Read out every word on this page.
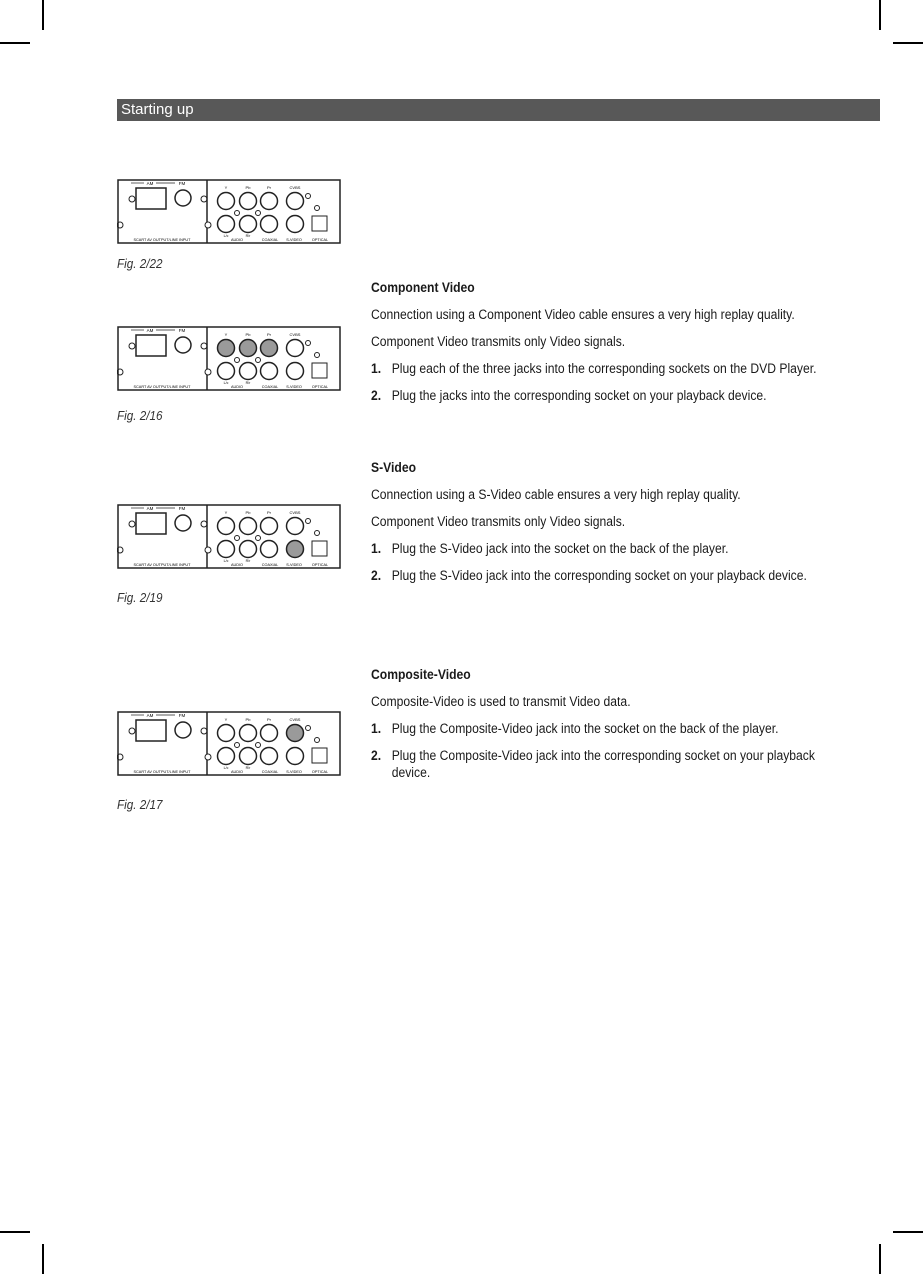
Starting up
AM	FM
Y	Pb	Pr	CVBS
L/c	R/r
SCART AV OUTPUT/LINE INPUT	AUDIO	COAXIAL S-VIDEO	OPTICAL
Fig. 2/22
AM	FM
Y	Pb	Pr	CVBS
L/c	R/r
SCART AV OUTPUT/LINE INPUT	AUDIO	COAXIAL S-VIDEO	OPTICAL
Fig. 2/16
AM	FM
Y	Pb	Pr	CVBS
L/c	R/r
SCART AV OUTPUT/LINE INPUT	AUDIO	COAXIAL S-VIDEO	OPTICAL
Fig. 2/19
AM	FM
Y	Pb	Pr	CVBS
L/c	R/r
SCART AV OUTPUT/LINE INPUT	AUDIO	COAXIAL S-VIDEO	OPTICAL
Fig. 2/17
Component Video

Connection using a Component Video cable ensures a very high replay quality.

Component Video transmits only Video signals.

1. Plug each of the three jacks into the corresponding sockets on the DVD Player.
2. Plug the jacks into the corresponding socket on your playback device.
S-Video

Connection using a S-Video cable ensures a very high replay quality.

Component Video transmits only Video signals.

1. Plug the S-Video jack into the socket on the back of the player.
2. Plug the S-Video jack into the corresponding socket on your playback device.
Composite-Video

Composite-Video is used to transmit Video data.

1. Plug the Composite-Video jack into the socket on the back of the player.
2. Plug the Composite-Video jack into the corresponding socket on your playback device.
